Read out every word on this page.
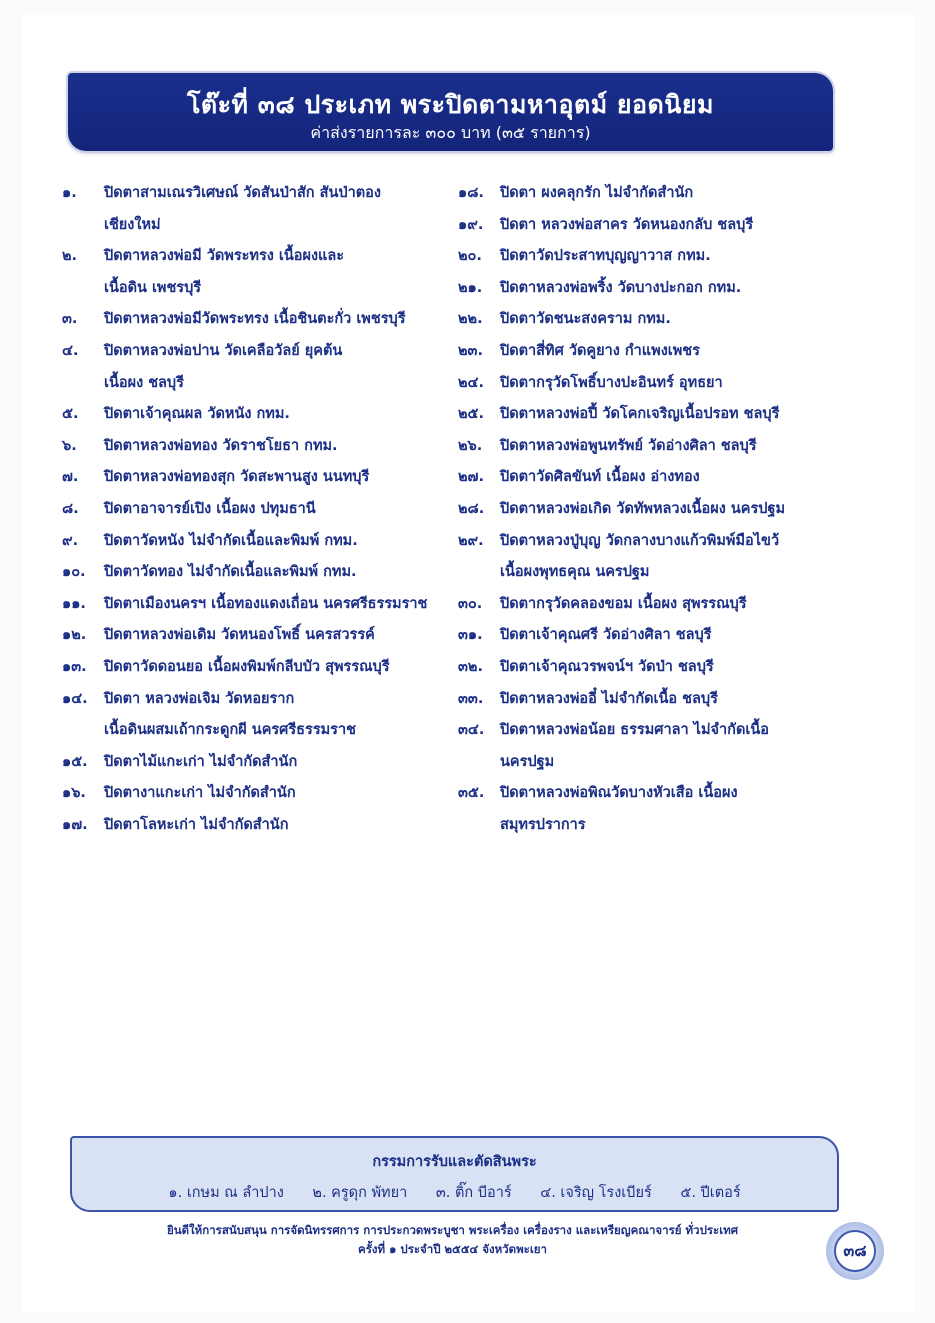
โต๊ะที่ ๓๘ ประเภท พระปิดตามหาอุตม์ ยอดนิยม
ค่าส่งรายการละ ๓๐๐ บาท (๓๕ รายการ)
๑.	ปิดตาสามเณรวิเศษณ์ วัดสันป่าสัก สันป่าตอง
เชียงใหม่
๒.	ปิดตาหลวงพ่อมี วัดพระทรง เนื้อผงและ
เนื้อดิน เพชรบุรี
๓.	ปิดตาหลวงพ่อมีวัดพระทรง เนื้อชินตะกั่ว เพชรบุรี
๔.	ปิดตาหลวงพ่อปาน วัดเคลือวัลย์ ยุคต้น
เนื้อผง ชลบุรี
๕.	ปิดตาเจ้าคุณผล วัดหนัง กทม.
๖.	ปิดตาหลวงพ่อทอง วัดราชโยธา กทม.
๗.	ปิดตาหลวงพ่อทองสุก วัดสะพานสูง นนทบุรี
๘.	ปิดตาอาจารย์เปิง เนื้อผง ปทุมธานี
๙.	ปิดตาวัดหนัง ไม่จำกัดเนื้อและพิมพ์ กทม.
๑๐.	ปิดตาวัดทอง ไม่จำกัดเนื้อและพิมพ์ กทม.
๑๑.	ปิดตาเมืองนครฯ เนื้อทองแดงเถื่อน นครศรีธรรมราช
๑๒.	ปิดตาหลวงพ่อเดิม วัดหนองโพธิ์ นครสวรรค์
๑๓.	ปิดตาวัดดอนยอ เนื้อผงพิมพ์กลีบบัว สุพรรณบุรี
๑๔.	ปิดตา หลวงพ่อเจิม วัดหอยราก
เนื้อดินผสมเถ้ากระดูกผี นครศรีธรรมราช
๑๕.	ปิดตาไม้แกะเก่า ไม่จำกัดสำนัก
๑๖.	ปิดตางาแกะเก่า ไม่จำกัดสำนัก
๑๗.	ปิดตาโลหะเก่า ไม่จำกัดสำนัก
๑๘.	ปิดตา ผงคลุกรัก ไม่จำกัดสำนัก
๑๙.	ปิดตา หลวงพ่อสาคร วัดหนองกลับ ชลบุรี
๒๐.	ปิดตาวัดประสาทบุญญาวาส กทม.
๒๑.	ปิดตาหลวงพ่อพริ้ง วัดบางปะกอก กทม.
๒๒.	ปิดตาวัดชนะสงคราม กทม.
๒๓.	ปิดตาสี่ทิศ วัดคูยาง กำแพงเพชร
๒๔.	ปิดตากรุวัดโพธิ์บางปะอินทร์ อุทธยา
๒๕.	ปิดตาหลวงพ่อปี้ วัดโคกเจริญเนื้อปรอท ชลบุรี
๒๖.	ปิดตาหลวงพ่อพูนทรัพย์ วัดอ่างศิลา ชลบุรี
๒๗.	ปิดตาวัดศิลขันท์ เนื้อผง อ่างทอง
๒๘.	ปิดตาหลวงพ่อเกิด วัดทัพหลวงเนื้อผง นครปฐม
๒๙.	ปิดตาหลวงปู่บุญ วัดกลางบางแก้วพิมพ์มือไขว้
เนื้อผงพุทธคุณ นครปฐม
๓๐.	ปิดตากรุวัดคลองขอม เนื้อผง สุพรรณบุรี
๓๑.	ปิดตาเจ้าคุณศรี วัดอ่างศิลา ชลบุรี
๓๒.	ปิดตาเจ้าคุณวรพจน์ฯ วัดป่า ชลบุรี
๓๓.	ปิดตาหลวงพ่ออี๋ ไม่จำกัดเนื้อ ชลบุรี
๓๔.	ปิดตาหลวงพ่อน้อย ธรรมศาลา ไม่จำกัดเนื้อ
นครปฐม
๓๕.	ปิดตาหลวงพ่อพิณวัดบางหัวเสือ เนื้อผง
สมุทรปราการ
กรรมการรับและตัดสินพระ
๑. เกษม ณ ลำปาง ๒. ครูดุก พัทยา ๓. ติ๊ก บีอาร์ ๔. เจริญ โรงเบียร์ ๕. ปีเตอร์
ยินดีให้การสนับสนุน การจัดนิทรรศการ การประกวดพระบูชา พระเครื่อง เครื่องราง และเหรียญคณาจารย์ ทั่วประเทศ
ครั้งที่ ๑ ประจำปี ๒๕๕๔ จังหวัดพะเยา	๓๘
